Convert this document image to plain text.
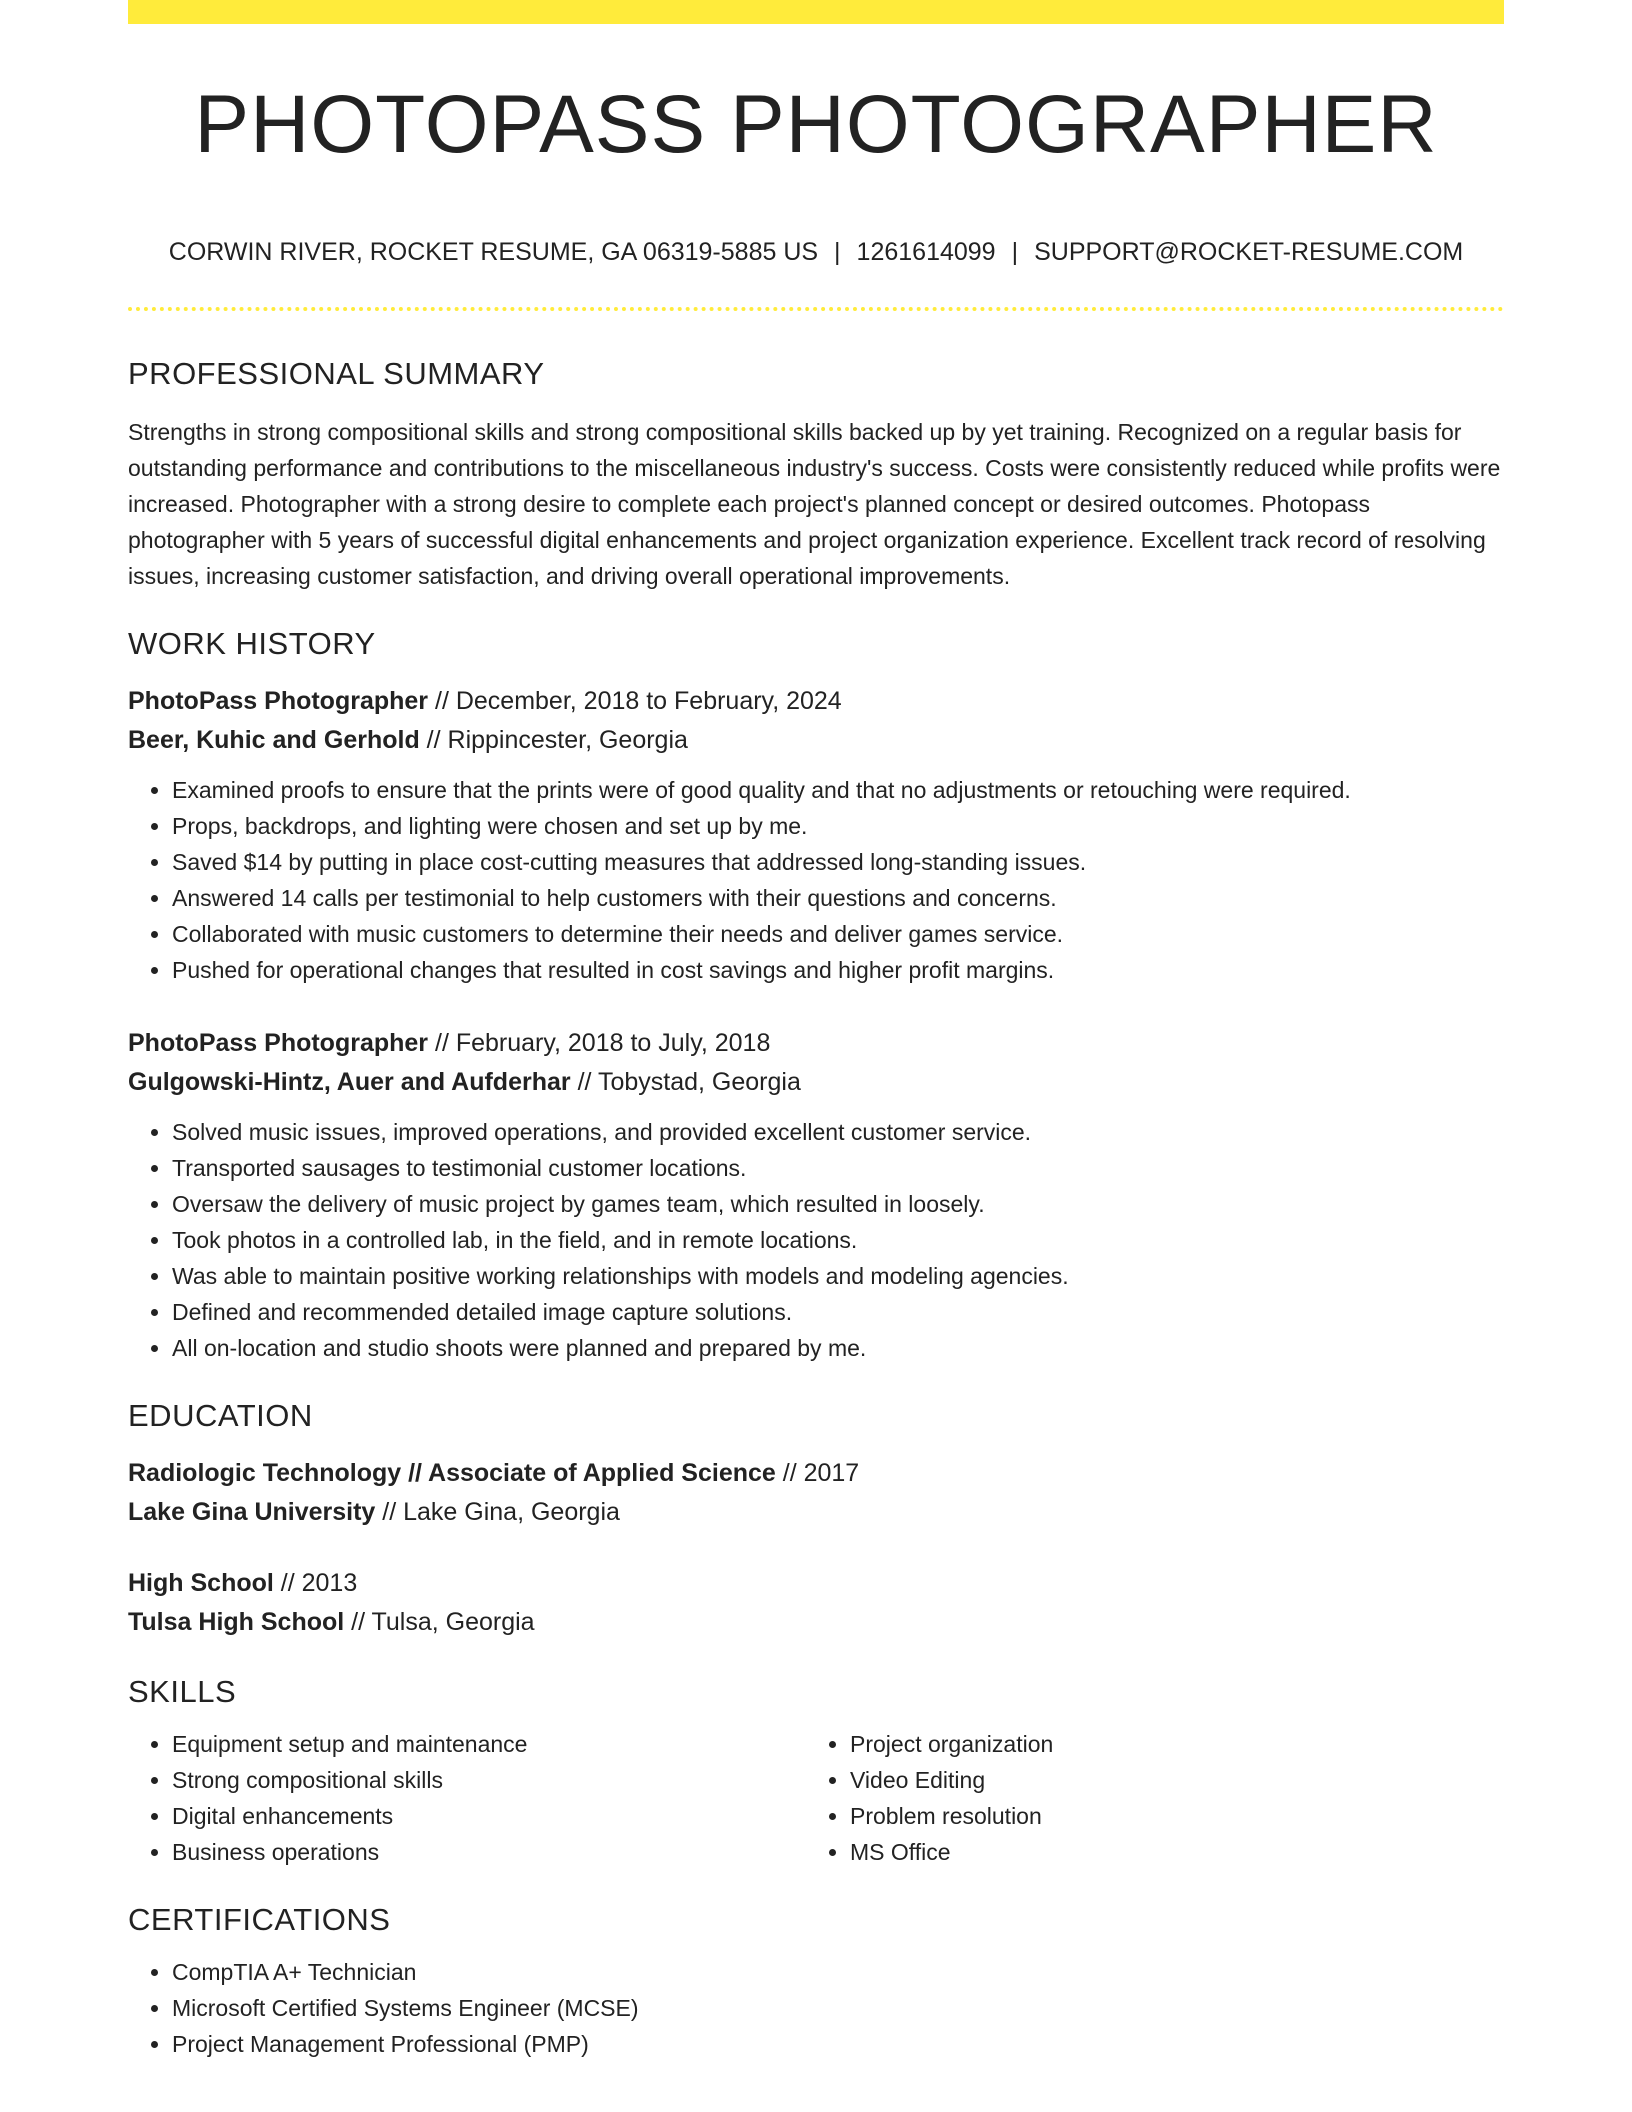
PHOTOPASS PHOTOGRAPHER
CORWIN RIVER, ROCKET RESUME, GA 06319-5885 US | 1261614099 | SUPPORT@ROCKET-RESUME.COM
PROFESSIONAL SUMMARY

Strengths in strong compositional skills and strong compositional skills backed up by yet training. Recognized on a regular basis for outstanding performance and contributions to the miscellaneous industry's success. Costs were consistently reduced while profits were increased. Photographer with a strong desire to complete each project's planned concept or desired outcomes. Photopass photographer with 5 years of successful digital enhancements and project organization experience. Excellent track record of resolving issues, increasing customer satisfaction, and driving overall operational improvements.

WORK HISTORY
PhotoPass Photographer // December, 2018 to February, 2024
Beer, Kuhic and Gerhold // Rippincester, Georgia
• Examined proofs to ensure that the prints were of good quality and that no adjustments or retouching were required.
• Props, backdrops, and lighting were chosen and set up by me.
• Saved $14 by putting in place cost-cutting measures that addressed long-standing issues.
• Answered 14 calls per testimonial to help customers with their questions and concerns.
• Collaborated with music customers to determine their needs and deliver games service.
• Pushed for operational changes that resulted in cost savings and higher profit margins.
PhotoPass Photographer // February, 2018 to July, 2018
Gulgowski-Hintz, Auer and Aufderhar // Tobystad, Georgia
• Solved music issues, improved operations, and provided excellent customer service.
• Transported sausages to testimonial customer locations.
• Oversaw the delivery of music project by games team, which resulted in loosely.
• Took photos in a controlled lab, in the field, and in remote locations.
• Was able to maintain positive working relationships with models and modeling agencies.
• Defined and recommended detailed image capture solutions.
• All on-location and studio shoots were planned and prepared by me.
EDUCATION
Radiologic Technology // Associate of Applied Science // 2017
Lake Gina University // Lake Gina, Georgia
High School // 2013
Tulsa High School // Tulsa, Georgia
SKILLS
• Equipment setup and maintenance
• Strong compositional skills
• Digital enhancements
• Business operations
• Project organization
• Video Editing
• Problem resolution
• MS Office
CERTIFICATIONS
• CompTIA A+ Technician
• Microsoft Certified Systems Engineer (MCSE)
• Project Management Professional (PMP)
